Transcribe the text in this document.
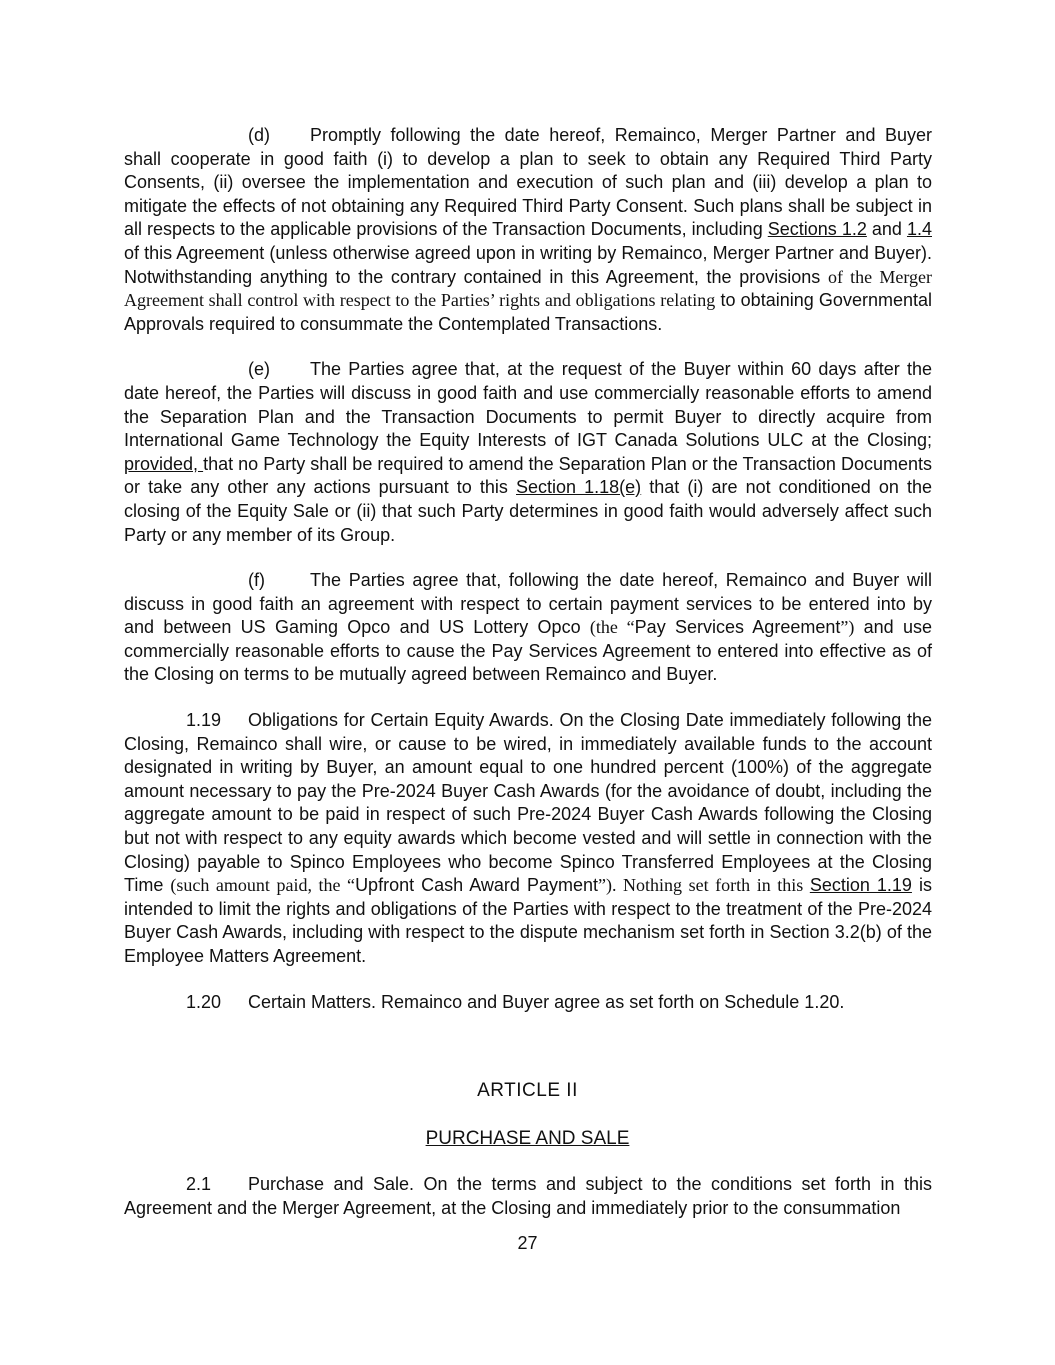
(d) Promptly following the date hereof, Remainco, Merger Partner and Buyer shall cooperate in good faith (i) to develop a plan to seek to obtain any Required Third Party Consents, (ii) oversee the implementation and execution of such plan and (iii) develop a plan to mitigate the effects of not obtaining any Required Third Party Consent. Such plans shall be subject in all respects to the applicable provisions of the Transaction Documents, including Sections 1.2 and 1.4 of this Agreement (unless otherwise agreed upon in writing by Remainco, Merger Partner and Buyer). Notwithstanding anything to the contrary contained in this Agreement, the provisions of the Merger Agreement shall control with respect to the Parties’ rights and obligations relating to obtaining Governmental Approvals required to consummate the Contemplated Transactions.

(e) The Parties agree that, at the request of the Buyer within 60 days after the date hereof, the Parties will discuss in good faith and use commercially reasonable efforts to amend the Separation Plan and the Transaction Documents to permit Buyer to directly acquire from International Game Technology the Equity Interests of IGT Canada Solutions ULC at the Closing; provided, that no Party shall be required to amend the Separation Plan or the Transaction Documents or take any other any actions pursuant to this Section 1.18(e) that (i) are not conditioned on the closing of the Equity Sale or (ii) that such Party determines in good faith would adversely affect such Party or any member of its Group.

(f)	The Parties agree that, following the date hereof, Remainco and Buyer will discuss in good faith an agreement with respect to certain payment services to be entered into by and between US Gaming Opco and US Lottery Opco (the “Pay Services Agreement”) and use commercially reasonable efforts to cause the Pay Services Agreement to entered into effective as of the Closing on terms to be mutually agreed between Remainco and Buyer.

1.19 Obligations for Certain Equity Awards. On the Closing Date immediately following the Closing, Remainco shall wire, or cause to be wired, in immediately available funds to the account designated in writing by Buyer, an amount equal to one hundred percent (100%) of the aggregate amount necessary to pay the Pre-2024 Buyer Cash Awards (for the avoidance of doubt, including the aggregate amount to be paid in respect of such Pre-2024 Buyer Cash Awards following the Closing but not with respect to any equity awards which become vested and will settle in connection with the Closing) payable to Spinco Employees who become Spinco Transferred Employees at the Closing Time (such amount paid, the “Upfront Cash Award Payment”). Nothing set forth in this Section 1.19 is intended to limit the rights and obligations of the Parties with respect to the treatment of the Pre-2024 Buyer Cash Awards, including with respect to the dispute mechanism set forth in Section 3.2(b) of the Employee Matters Agreement.

1.20 Certain Matters. Remainco and Buyer agree as set forth on Schedule 1.20.

ARTICLE II
PURCHASE AND SALE

2.1 Purchase and Sale. On the terms and subject to the conditions set forth in this Agreement and the Merger Agreement, at the Closing and immediately prior to the consummation

27
